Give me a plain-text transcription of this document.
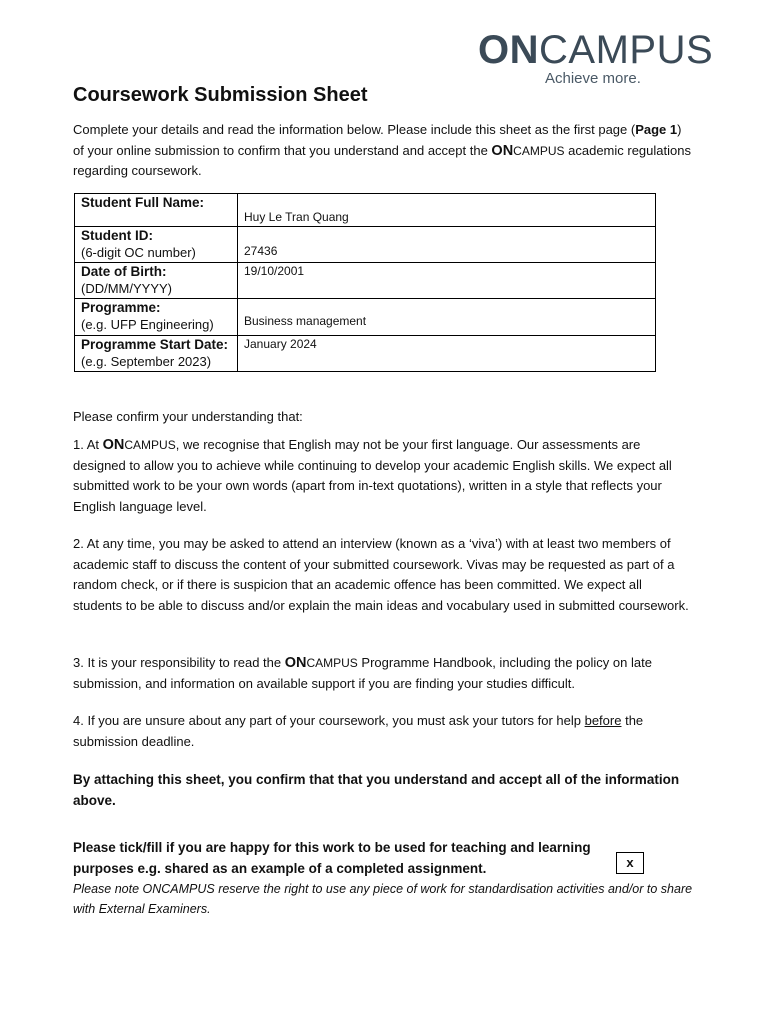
ONCAMPUS
Achieve more.
Coursework Submission Sheet

Complete your details and read the information below. Please include this sheet as the first page (Page 1) of your online submission to confirm that you understand and accept the ONCAMPUS academic regulations regarding coursework.

Student Full Name:	Huy Le Tran Quang

Student ID:
(6-digit OC number)	27436

Date of Birth:
(DD/MM/YYYY)	19/10/2001

Programme:
(e.g. UFP Engineering)	Business management

Programme Start Date:
(e.g. September 2023)	January 2024

Please confirm your understanding that:

1. At ONCAMPUS, we recognise that English may not be your first language. Our assessments are designed to allow you to achieve while continuing to develop your academic English skills. We expect all submitted work to be your own words (apart from in-text quotations), written in a style that reflects your English language level.

2. At any time, you may be asked to attend an interview (known as a ‘viva’) with at least two members of academic staff to discuss the content of your submitted coursework. Vivas may be requested as part of a random check, or if there is suspicion that an academic offence has been committed. We expect all students to be able to discuss and/or explain the main ideas and vocabulary used in submitted coursework.

3. It is your responsibility to read the ONCAMPUS Programme Handbook, including the policy on late submission, and information on available support if you are finding your studies difficult.

4. If you are unsure about any part of your coursework, you must ask your tutors for help before the submission deadline.

By attaching this sheet, you confirm that that you understand and accept all of the information above.

Please tick/fill if you are happy for this work to be used for teaching and learning purposes e.g. shared as an example of a completed assignment.	x

Please note ONCAMPUS reserve the right to use any piece of work for standardisation activities and/or to share with External Examiners.
